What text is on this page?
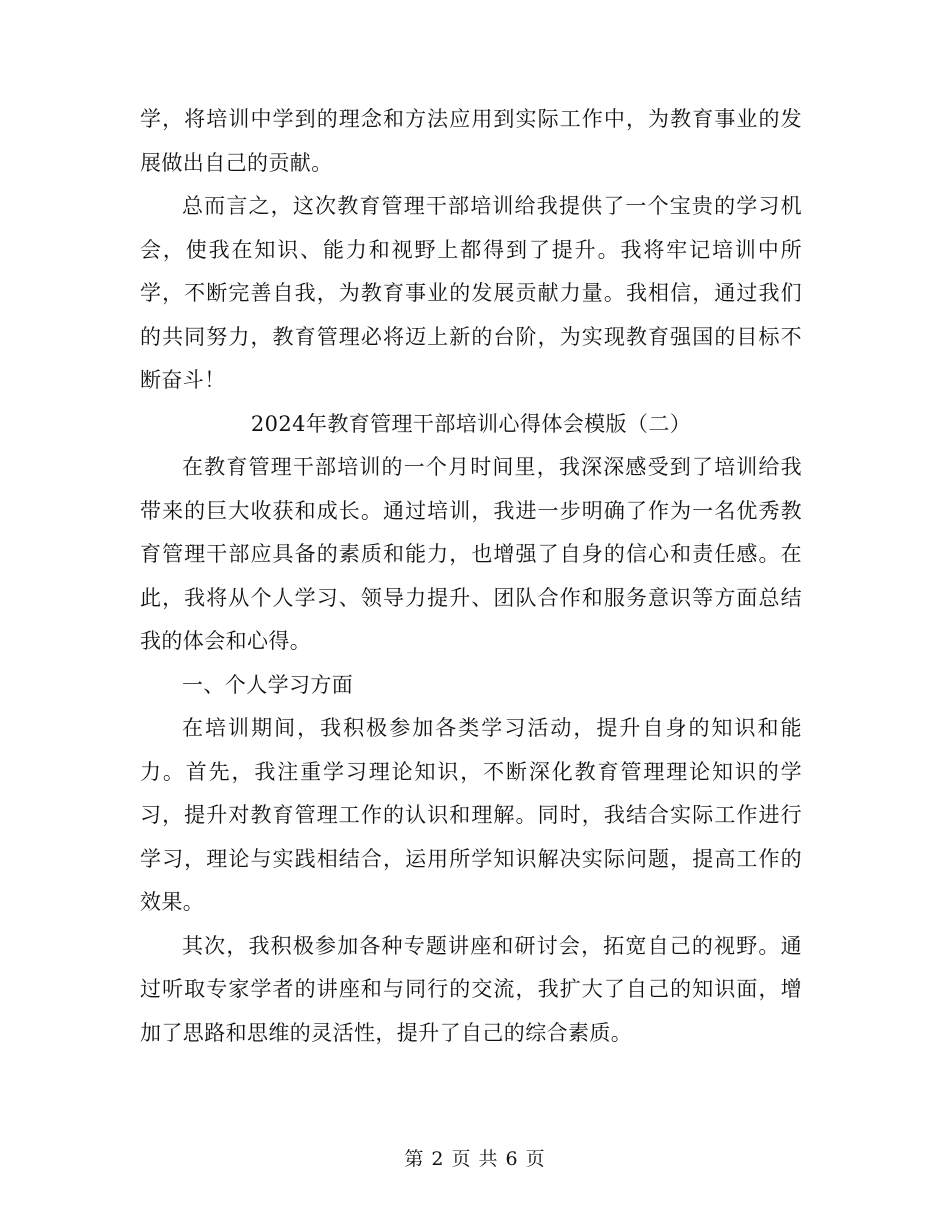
学，将培训中学到的理念和方法应用到实际工作中，为教育事业的发展做出自己的贡献。

总而言之，这次教育管理干部培训给我提供了一个宝贵的学习机会，使我在知识、能力和视野上都得到了提升。我将牢记培训中所学，不断完善自我，为教育事业的发展贡献力量。我相信，通过我们的共同努力，教育管理必将迈上新的台阶，为实现教育强国的目标不断奋斗！

2024年教育管理干部培训心得体会模版（二）

在教育管理干部培训的一个月时间里，我深深感受到了培训给我带来的巨大收获和成长。通过培训，我进一步明确了作为一名优秀教育管理干部应具备的素质和能力，也增强了自身的信心和责任感。在此，我将从个人学习、领导力提升、团队合作和服务意识等方面总结我的体会和心得。

一、个人学习方面

在培训期间，我积极参加各类学习活动，提升自身的知识和能力。首先，我注重学习理论知识，不断深化教育管理理论知识的学习，提升对教育管理工作的认识和理解。同时，我结合实际工作进行学习，理论与实践相结合，运用所学知识解决实际问题，提高工作的效果。

其次，我积极参加各种专题讲座和研讨会，拓宽自己的视野。通过听取专家学者的讲座和与同行的交流，我扩大了自己的知识面，增加了思路和思维的灵活性，提升了自己的综合素质。

第 2 页 共 6 页
